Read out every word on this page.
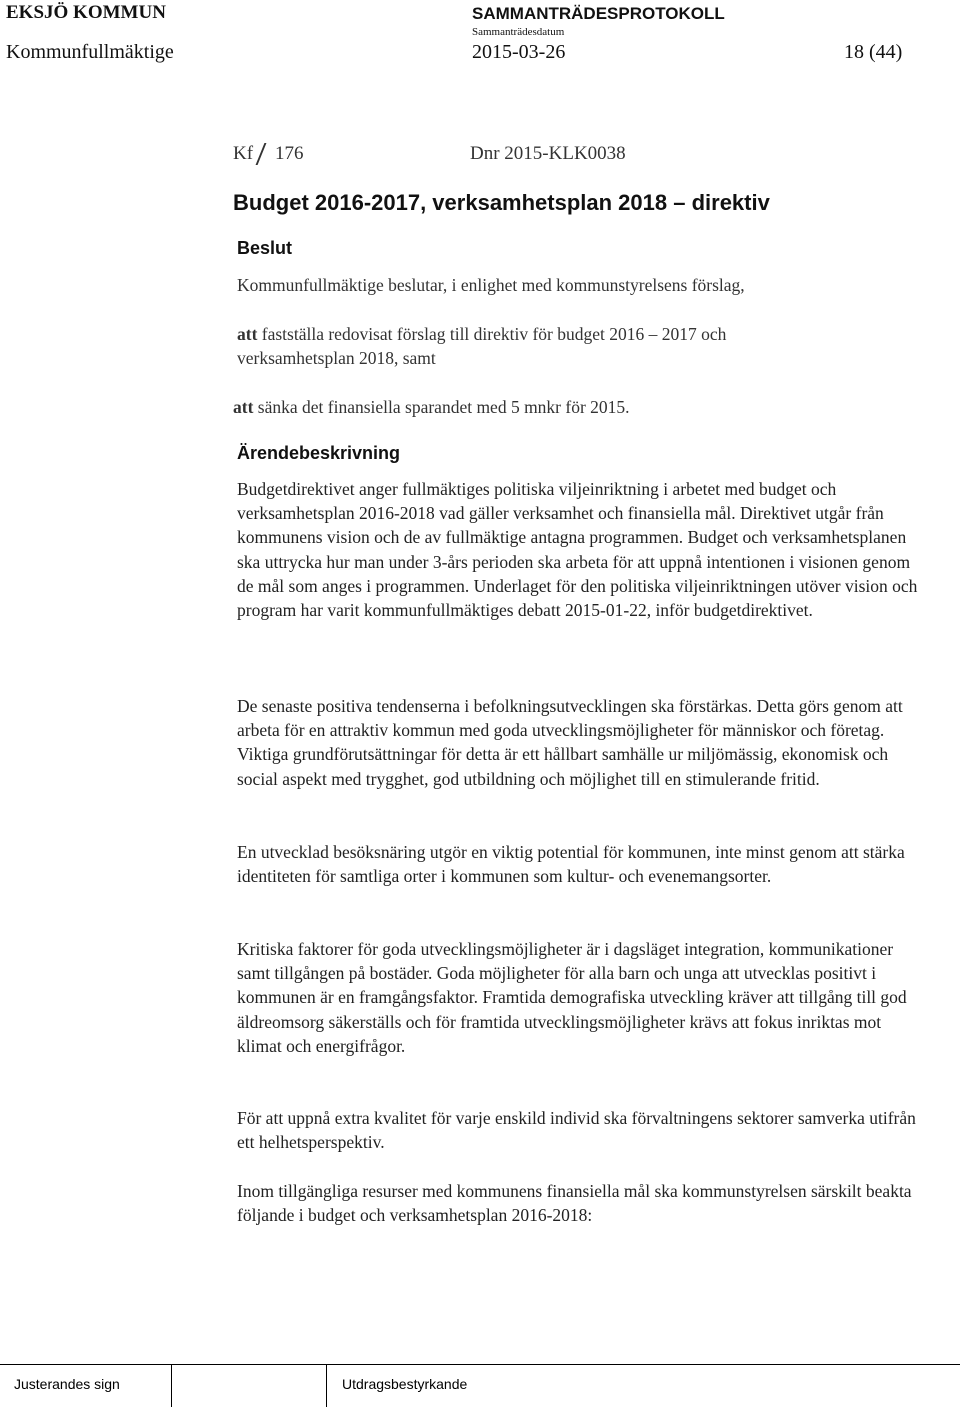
EKSJÖ KOMMUN	SAMMANTRÄDESPROTOKOLL
Sammanträdesdatum
Kommunfullmäktige	2015-03-26	18 (44)
Kf 176	Dnr 2015-KLK0038
Budget 2016-2017, verksamhetsplan 2018 – direktiv
Beslut
Kommunfullmäktige beslutar, i enlighet med kommunstyrelsens förslag,
att fastställa redovisat förslag till direktiv för budget 2016 – 2017 och
verksamhetsplan 2018, samt
att sänka det finansiella sparandet med 5 mnkr för 2015.
Ärendebeskrivning

Budgetdirektivet anger fullmäktiges politiska viljeinriktning i arbetet med budget och verksamhetsplan 2016-2018 vad gäller verksamhet och finansiella mål. Direktivet utgår från kommunens vision och de av fullmäktige antagna programmen. Budget och verksamhetsplanen ska uttrycka hur man under 3-års perioden ska arbeta för att uppnå intentionen i visionen genom de mål som anges i programmen. Underlaget för den politiska viljeinriktningen utöver vision och program har varit kommunfullmäktiges debatt 2015-01-22, inför budgetdirektivet.

De senaste positiva tendenserna i befolkningsutvecklingen ska förstärkas. Detta görs genom att arbeta för en attraktiv kommun med goda utvecklingsmöjligheter för människor och företag. Viktiga grundförutsättningar för detta är ett hållbart samhälle ur miljömässig, ekonomisk och social aspekt med trygghet, god utbildning och möjlighet till en stimulerande fritid.

En utvecklad besöksnäring utgör en viktig potential för kommunen, inte minst genom att stärka identiteten för samtliga orter i kommunen som kultur- och evenemangsorter.

Kritiska faktorer för goda utvecklingsmöjligheter är i dagsläget integration, kommunikationer samt tillgången på bostäder. Goda möjligheter för alla barn och unga att utvecklas positivt i kommunen är en framgångsfaktor. Framtida demografiska utveckling kräver att tillgång till god äldreomsorg säkerställs och för framtida utvecklingsmöjligheter krävs att fokus inriktas mot klimat och energifrågor.

För att uppnå extra kvalitet för varje enskild individ ska förvaltningens sektorer samverka utifrån ett helhetsperspektiv.

Inom tillgängliga resurser med kommunens finansiella mål ska kommunstyrelsen särskilt beakta följande i budget och verksamhetsplan 2016-2018:

Justerandes sign	Utdragsbestyrkande
